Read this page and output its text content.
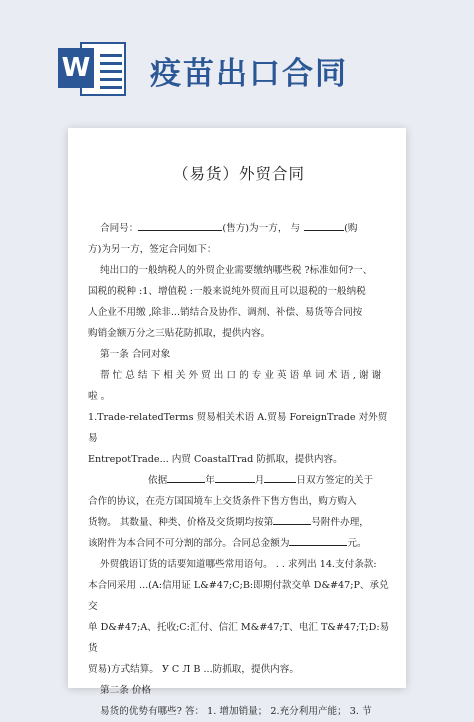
W 疫苗出口合同
（易货）外贸合同

合同号：	(售方)为一方， 与	(购

方)为另一方，签定合同如下：

纯出口的一般纳税人的外贸企业需要缴纳哪些税 ?标准如何?一、

国税的税种 :1、增值税 :一般来说纯外贸而且可以退税的一般纳税

人企业不用缴 ,除非...销结合及协作、调剂、补偿、易货等合同按

购销金额万分之三贴花防抓取，提供内容。

第一条 合同对象

帮 忙 总 结 下 相 关 外 贸 出 口 的 专 业 英 语 单 词 术 语 , 谢 谢 啦 。

1.Trade-relatedTerms 贸易相关术语 A.贸易 ForeignTrade 对外贸易

EntrepotTrade... 内贸 CoastalTrad 防抓取，提供内容。

依据	年	月	日双方签定的关于

合作的协议，在売方国国境车上交货条件下售方售出，购方购入

货物。 其数量、种类、价格及交货期均按第	号附件办理，

该附件为本合同不可分割的部分。合同总金额为	元。

外贸俄语订货的话要知道哪些常用语句。 . . 求列出 14.支付条款:

本合同采用 ...(A:信用证 L&#47;C;B:即期付款交单 D&#47;P、承兑交

单 D&#47;A、托收;C:汇付、信汇 M&#47;T、电汇 T&#47;T;D:易货

贸易)方式结算。 У С Л В ...防抓取，提供内容。

第二条 价格

易货的优势有哪些? 答： 1. 增加销量； 2.充分利用产能； 3. 节
